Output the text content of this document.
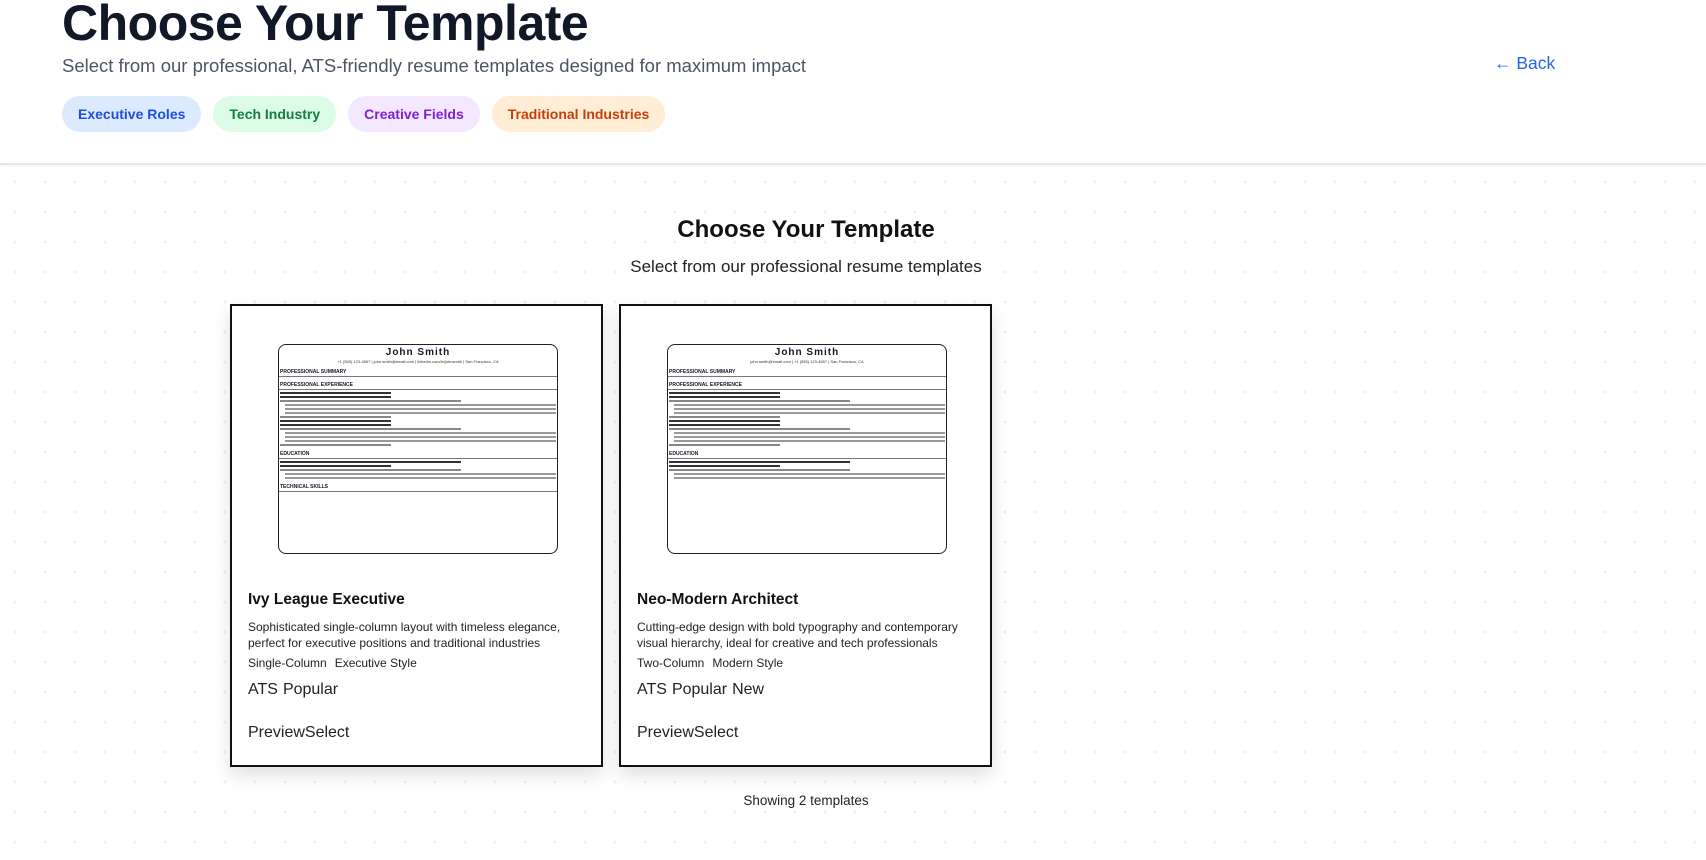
Choose Your Template

Select from our professional, ATS-friendly resume templates designed for maximum impact	← Back
Executive Roles	Tech Industry	Creative Fields	Traditional Industries
Choose Your Template

Select from our professional resume templates

John Smith
+1 (555) 123-4567 | john.smith@email.com | linkedin.com/in/johnsmith | San Francisco, CA
PROFESSIONAL SUMMARY
PROFESSIONAL EXPERIENCE
EDUCATION
TECHNICAL SKILLS
Ivy League Executive
Sophisticated single-column layout with timeless elegance, perfect for executive positions and traditional industries
Single-Column Executive Style
ATS Popular
Preview Select
John Smith
john.smith@email.com | +1 (555) 123-4567 | San Francisco, CA
PROFESSIONAL SUMMARY
PROFESSIONAL EXPERIENCE
EDUCATION
Neo-Modern Architect
Cutting-edge design with bold typography and contemporary visual hierarchy, ideal for creative and tech professionals
Two-Column Modern Style
ATS Popular New
Preview Select

Showing 2 templates
